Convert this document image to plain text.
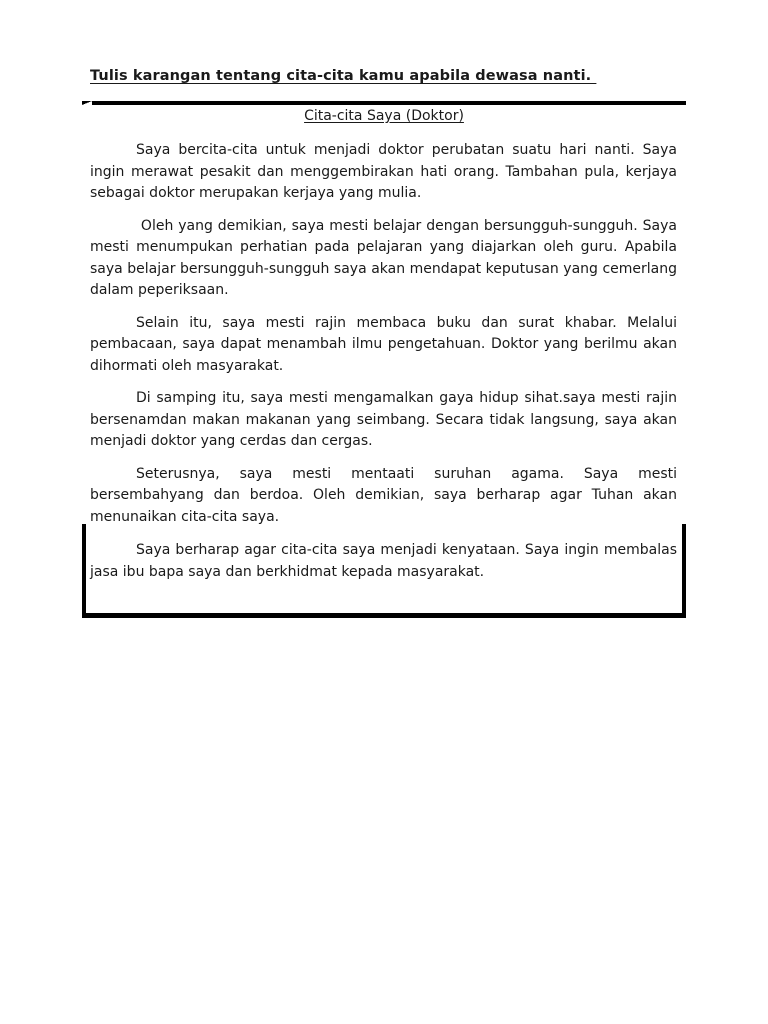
Tulis karangan tentang cita-cita kamu apabila dewasa nanti.
Cita-cita Saya (Doktor)

Saya bercita-cita untuk menjadi doktor perubatan suatu hari nanti. Saya ingin merawat pesakit dan menggembirakan hati orang. Tambahan pula, kerjaya sebagai doktor merupakan kerjaya yang mulia.

Oleh yang demikian, saya mesti belajar dengan bersungguh-sungguh. Saya mesti menumpukan perhatian pada pelajaran yang diajarkan oleh guru. Apabila saya belajar bersungguh-sungguh saya akan mendapat keputusan yang cemerlang dalam peperiksaan.

Selain itu, saya mesti rajin membaca buku dan surat khabar. Melalui pembacaan, saya dapat menambah ilmu pengetahuan. Doktor yang berilmu akan dihormati oleh masyarakat.

Di samping itu, saya mesti mengamalkan gaya hidup sihat.saya mesti rajin bersenamdan makan makanan yang seimbang. Secara tidak langsung, saya akan menjadi doktor yang cerdas dan cergas.

Seterusnya, saya mesti mentaati suruhan agama. Saya mesti bersembahyang dan berdoa. Oleh demikian, saya berharap agar Tuhan akan menunaikan cita-cita saya.

Saya berharap agar cita-cita saya menjadi kenyataan. Saya ingin membalas jasa ibu bapa saya dan berkhidmat kepada masyarakat.
